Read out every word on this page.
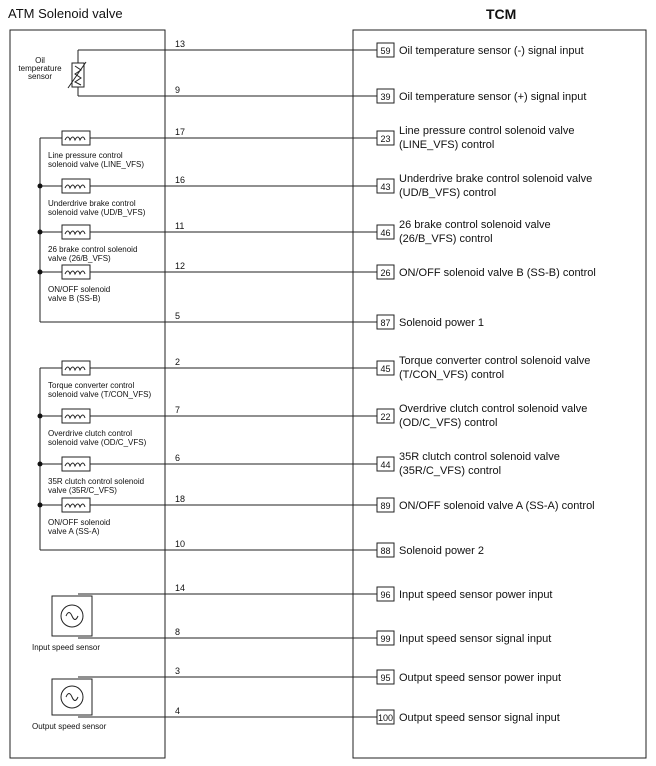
ATM Solenoid valve	TCM
13
59 Oil temperature sensor (-) signal input
9
39 Oil temperature sensor (+) signal input
17
23
Line pressure control solenoid valve
(LINE_VFS) control
16
43
Underdrive brake control solenoid valve
(UD/B_VFS) control
11
46
26 brake control solenoid valve
(26/B_VFS) control
12
26 ON/OFF solenoid valve B (SS-B) control
5
87 Solenoid power 1
2
45
Torque converter control solenoid valve
(T/CON_VFS) control
7
22
Overdrive clutch control solenoid valve
(OD/C_VFS) control
6
44
35R clutch control solenoid valve
(35R/C_VFS) control
18
89 ON/OFF solenoid valve A (SS-A) control
10
88 Solenoid power 2
14
96 Input speed sensor power input
8
99 Input speed sensor signal input
3
95 Output speed sensor power input
4
100 Output speed sensor signal input
Oil
temperature
sensor
Line pressure control
solenoid valve (LINE_VFS)
Underdrive brake control
solenoid valve (UD/B_VFS)
26 brake control solenoid
valve (26/B_VFS)
ON/OFF solenoid
valve B (SS-B)
Torque converter control
solenoid valve (T/CON_VFS)
Overdrive clutch control
solenoid valve (OD/C_VFS)
35R clutch control solenoid
valve (35R/C_VFS)
ON/OFF solenoid
valve A (SS-A)
Input speed sensor
Output speed sensor
